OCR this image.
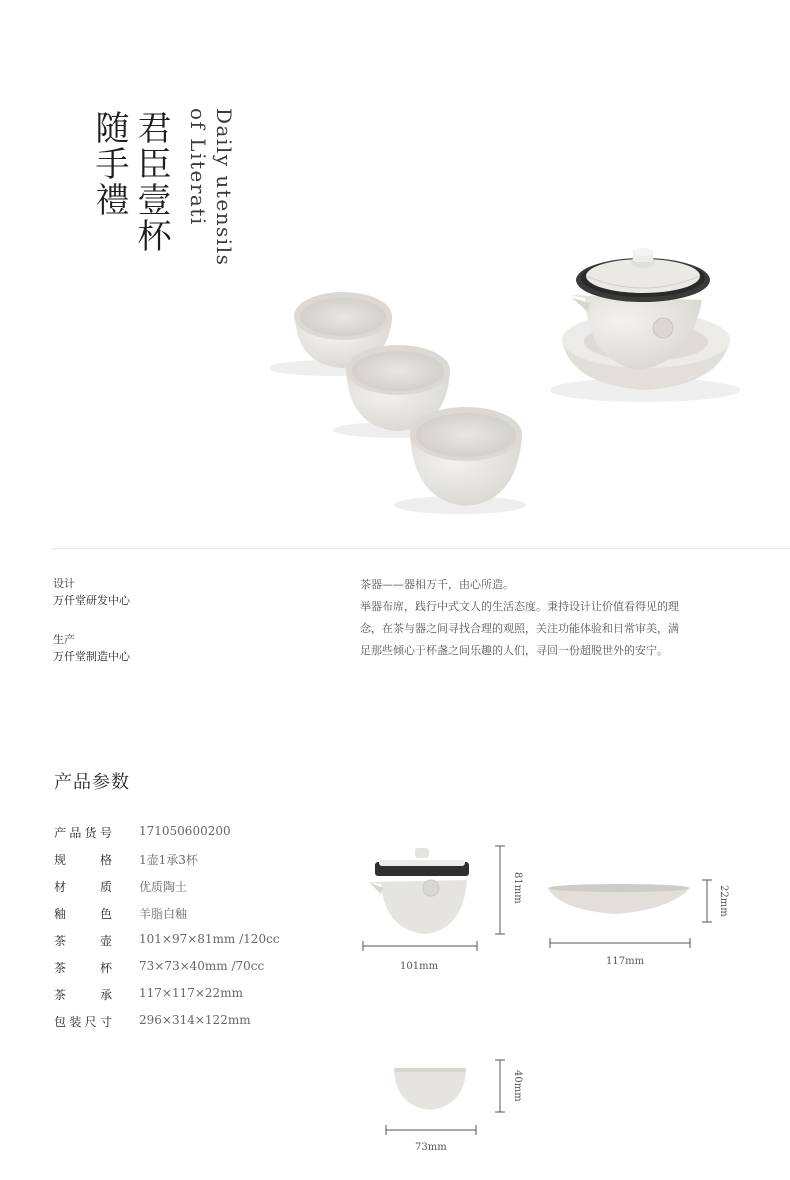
随手禮 君臣壹杯 Daily utensils
of Literati
设计
万仟堂研发中心
生产
万仟堂制造中心

茶器——器相万千，由心所造。

举器布席，践行中式文人的生活态度。秉持设计让价值看得见的理

念，在茶与器之间寻找合理的观照，关注功能体验和日常审美，满

足那些倾心于杯盏之间乐趣的人们，寻回一份超脱世外的安宁。

产品参数
产品货号 171050600200
规格 1壶1承3杯
材质 优质陶土
釉色 羊脂白釉
茶壶 101×97×81mm /120cc
茶杯 73×73×40mm /70cc
茶承 117×117×22mm
包装尺寸 296×314×122mm
81mm
101mm
22mm
117mm
40mm
73mm
